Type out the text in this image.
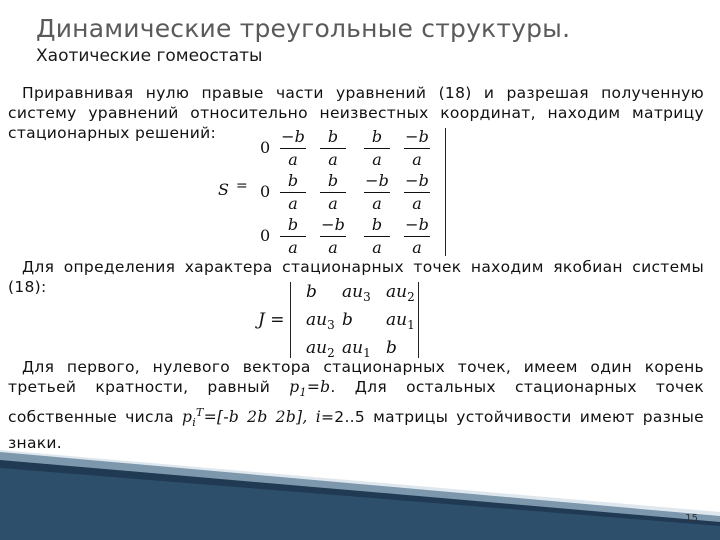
Динамические треугольные структуры.
Хаотические гомеостаты
Приравнивая нулю правые части уравнений (18) и разрешая полученную систему уравнений относительно неизвестных координат, находим матрицу стационарных решений:
S =
0
−b
a
b
a
b
a
−b
a
0
b
a
b
a
−b
a
−b
a
0
b
a
−b
a
b
a
−b
a
Для определения характера стационарных точек находим якобиан системы (18):
J =
b $au_3$ $au_2$
$au_3$ b $au_1$
$au_2$ $au_1$ b
Для первого, нулевого вектора стационарных точек, имеем один корень третьей кратности, равный $p_1=b$. Для остальных стационарных точек собственные числа $p_i^T=[-b$ 2b 2b], i=2..5 матрицы устойчивости имеют разные знаки.
15
